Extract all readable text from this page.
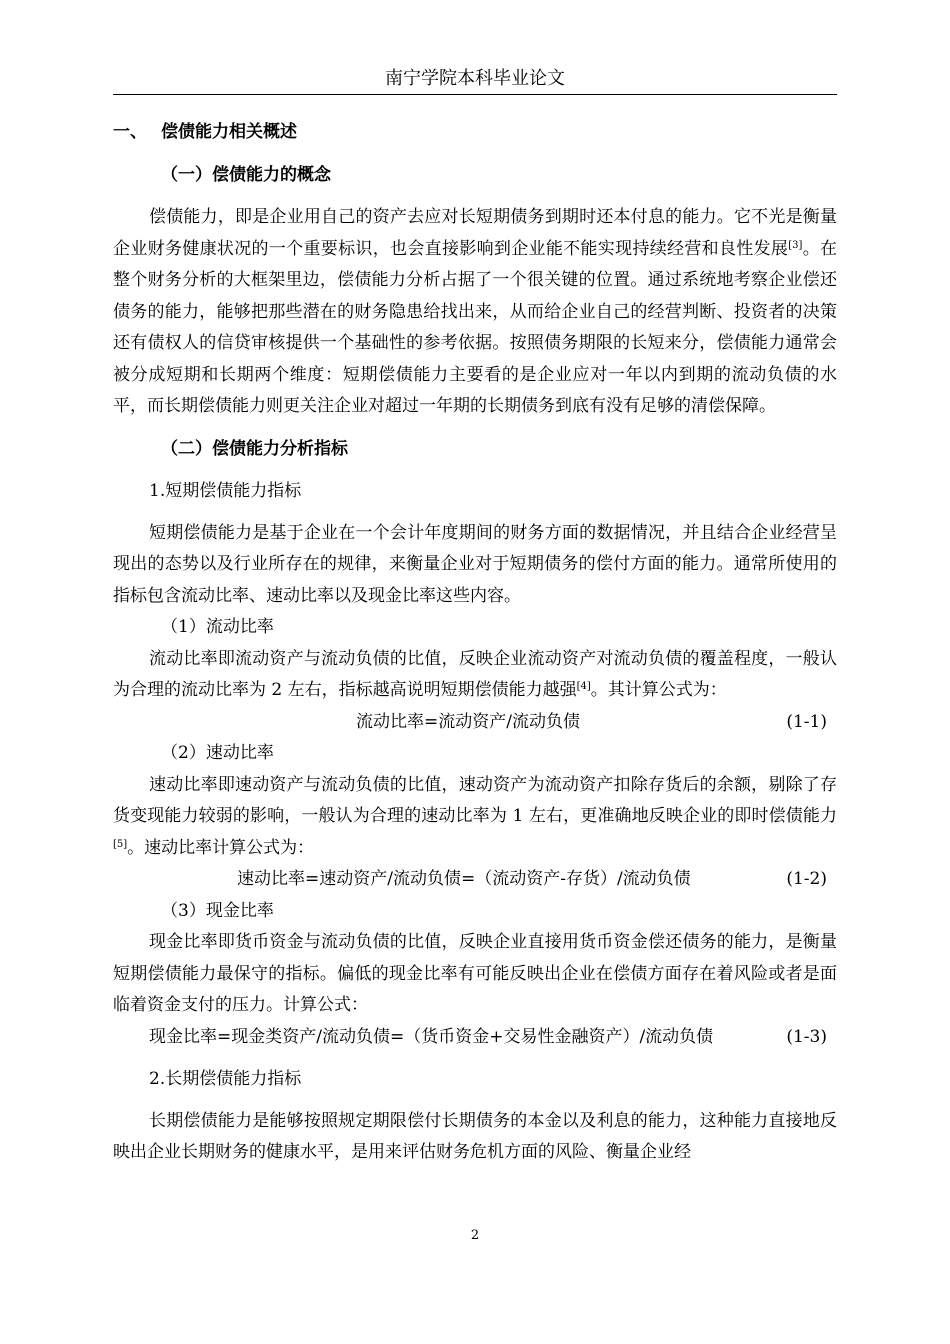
南宁学院本科毕业论文
一、 偿债能力相关概述
（一）偿债能力的概念

偿债能力，即是企业用自己的资产去应对长短期债务到期时还本付息的能力。它不光是衡量企业财务健康状况的一个重要标识，也会直接影响到企业能不能实现持续经营和良性发展[3]。在整个财务分析的大框架里边，偿债能力分析占据了一个很关键的位置。通过系统地考察企业偿还债务的能力，能够把那些潜在的财务隐患给找出来，从而给企业自己的经营判断、投资者的决策还有债权人的信贷审核提供一个基础性的参考依据。按照债务期限的长短来分，偿债能力通常会被分成短期和长期两个维度：短期偿债能力主要看的是企业应对一年以内到期的流动负债的水平，而长期偿债能力则更关注企业对超过一年期的长期债务到底有没有足够的清偿保障。

（二）偿债能力分析指标
1.短期偿债能力指标

短期偿债能力是基于企业在一个会计年度期间的财务方面的数据情况，并且结合企业经营呈现出的态势以及行业所存在的规律，来衡量企业对于短期债务的偿付方面的能力。通常所使用的指标包含流动比率、速动比率以及现金比率这些内容。

（1）流动比率

流动比率即流动资产与流动负债的比值，反映企业流动资产对流动负债的覆盖程度，一般认为合理的流动比率为 2 左右，指标越高说明短期偿债能力越强[4]。其计算公式为：

流动比率=流动资产/流动负债	(1-1)
（2）速动比率

速动比率即速动资产与流动负债的比值，速动资产为流动资产扣除存货后的余额，剔除了存货变现能力较弱的影响，一般认为合理的速动比率为 1 左右，更准确地反映企业的即时偿债能力[5]。速动比率计算公式为：

速动比率=速动资产/流动负债=（流动资产-存货）/流动负债	(1-2)
（3）现金比率

现金比率即货币资金与流动负债的比值，反映企业直接用货币资金偿还债务的能力，是衡量短期偿债能力最保守的指标。偏低的现金比率有可能反映出企业在偿债方面存在着风险或者是面临着资金支付的压力。计算公式：

现金比率=现金类资产/流动负债=（货币资金+交易性金融资产）/流动负债	(1-3)
2.长期偿债能力指标

长期偿债能力是能够按照规定期限偿付长期债务的本金以及利息的能力，这种能力直接地反映出企业长期财务的健康水平，是用来评估财务危机方面的风险、衡量企业经

2
